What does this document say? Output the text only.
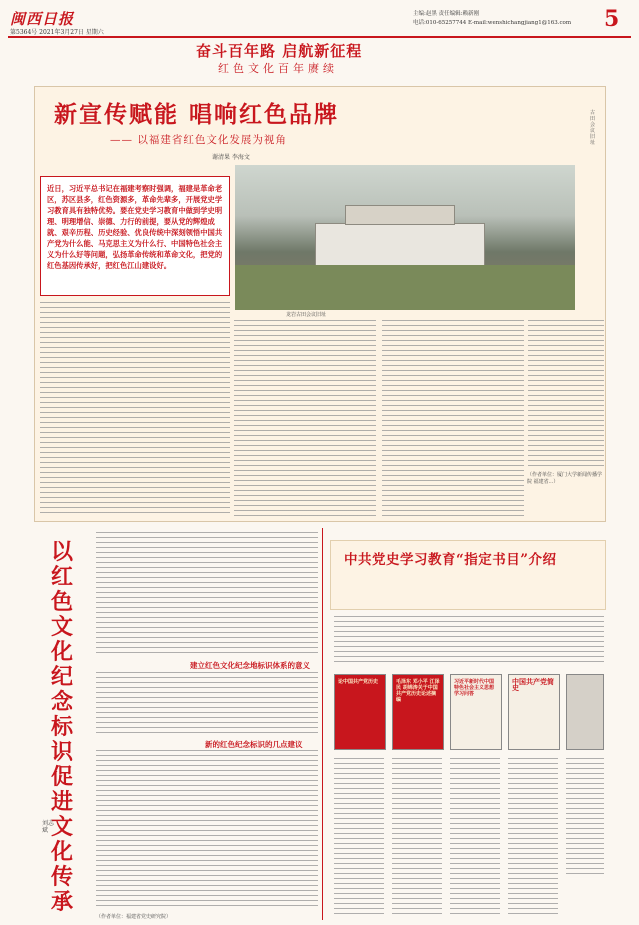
闽西日报
第5364号 2021年3月27日 星期六
主编:赵黑 责任编辑:赖新刚
电话:010-65257744 E-mail:wenshichangjiang1@163.com	5
奋斗百年路 启航新征程
红色文化百年赓续
新宣传赋能 唱响红色品牌
—— 以福建省红色文化发展为视角
谢清果 李海文
古田会议旧址
龙岩古田会议旧址
近日，习近平总书记在福建考察时强调，福建是革命老区，苏区县多，红色资源多，革命先辈多，开展党史学习教育具有独特优势。要在党史学习教育中做到学史明理、明理增信、崇德、力行的前提，要从党的辉煌成就、艰辛历程、历史经验、优良传统中深刻领悟中国共产党为什么能、马克思主义为什么行、中国特色社会主义为什么好等问题，弘扬革命传统和革命文化，把党的红色基因传承好，把红色江山建设好。
（作者单位：厦门大学新闻传播学院 福建省...）
以红色文化纪念标识促进文化传承
刘志斌
建立红色文化纪念地标识体系的意义
新的红色纪念标识的几点建议
（作者单位：福建省党史研究院）
中共党史学习教育“指定书目”介绍
论中国共产党历史	毛泽东 邓小平 江泽民 胡锦涛关于中国共产党历史论述摘编
习近平新时代中国特色社会主义思想学习问答
中国共产党简史
